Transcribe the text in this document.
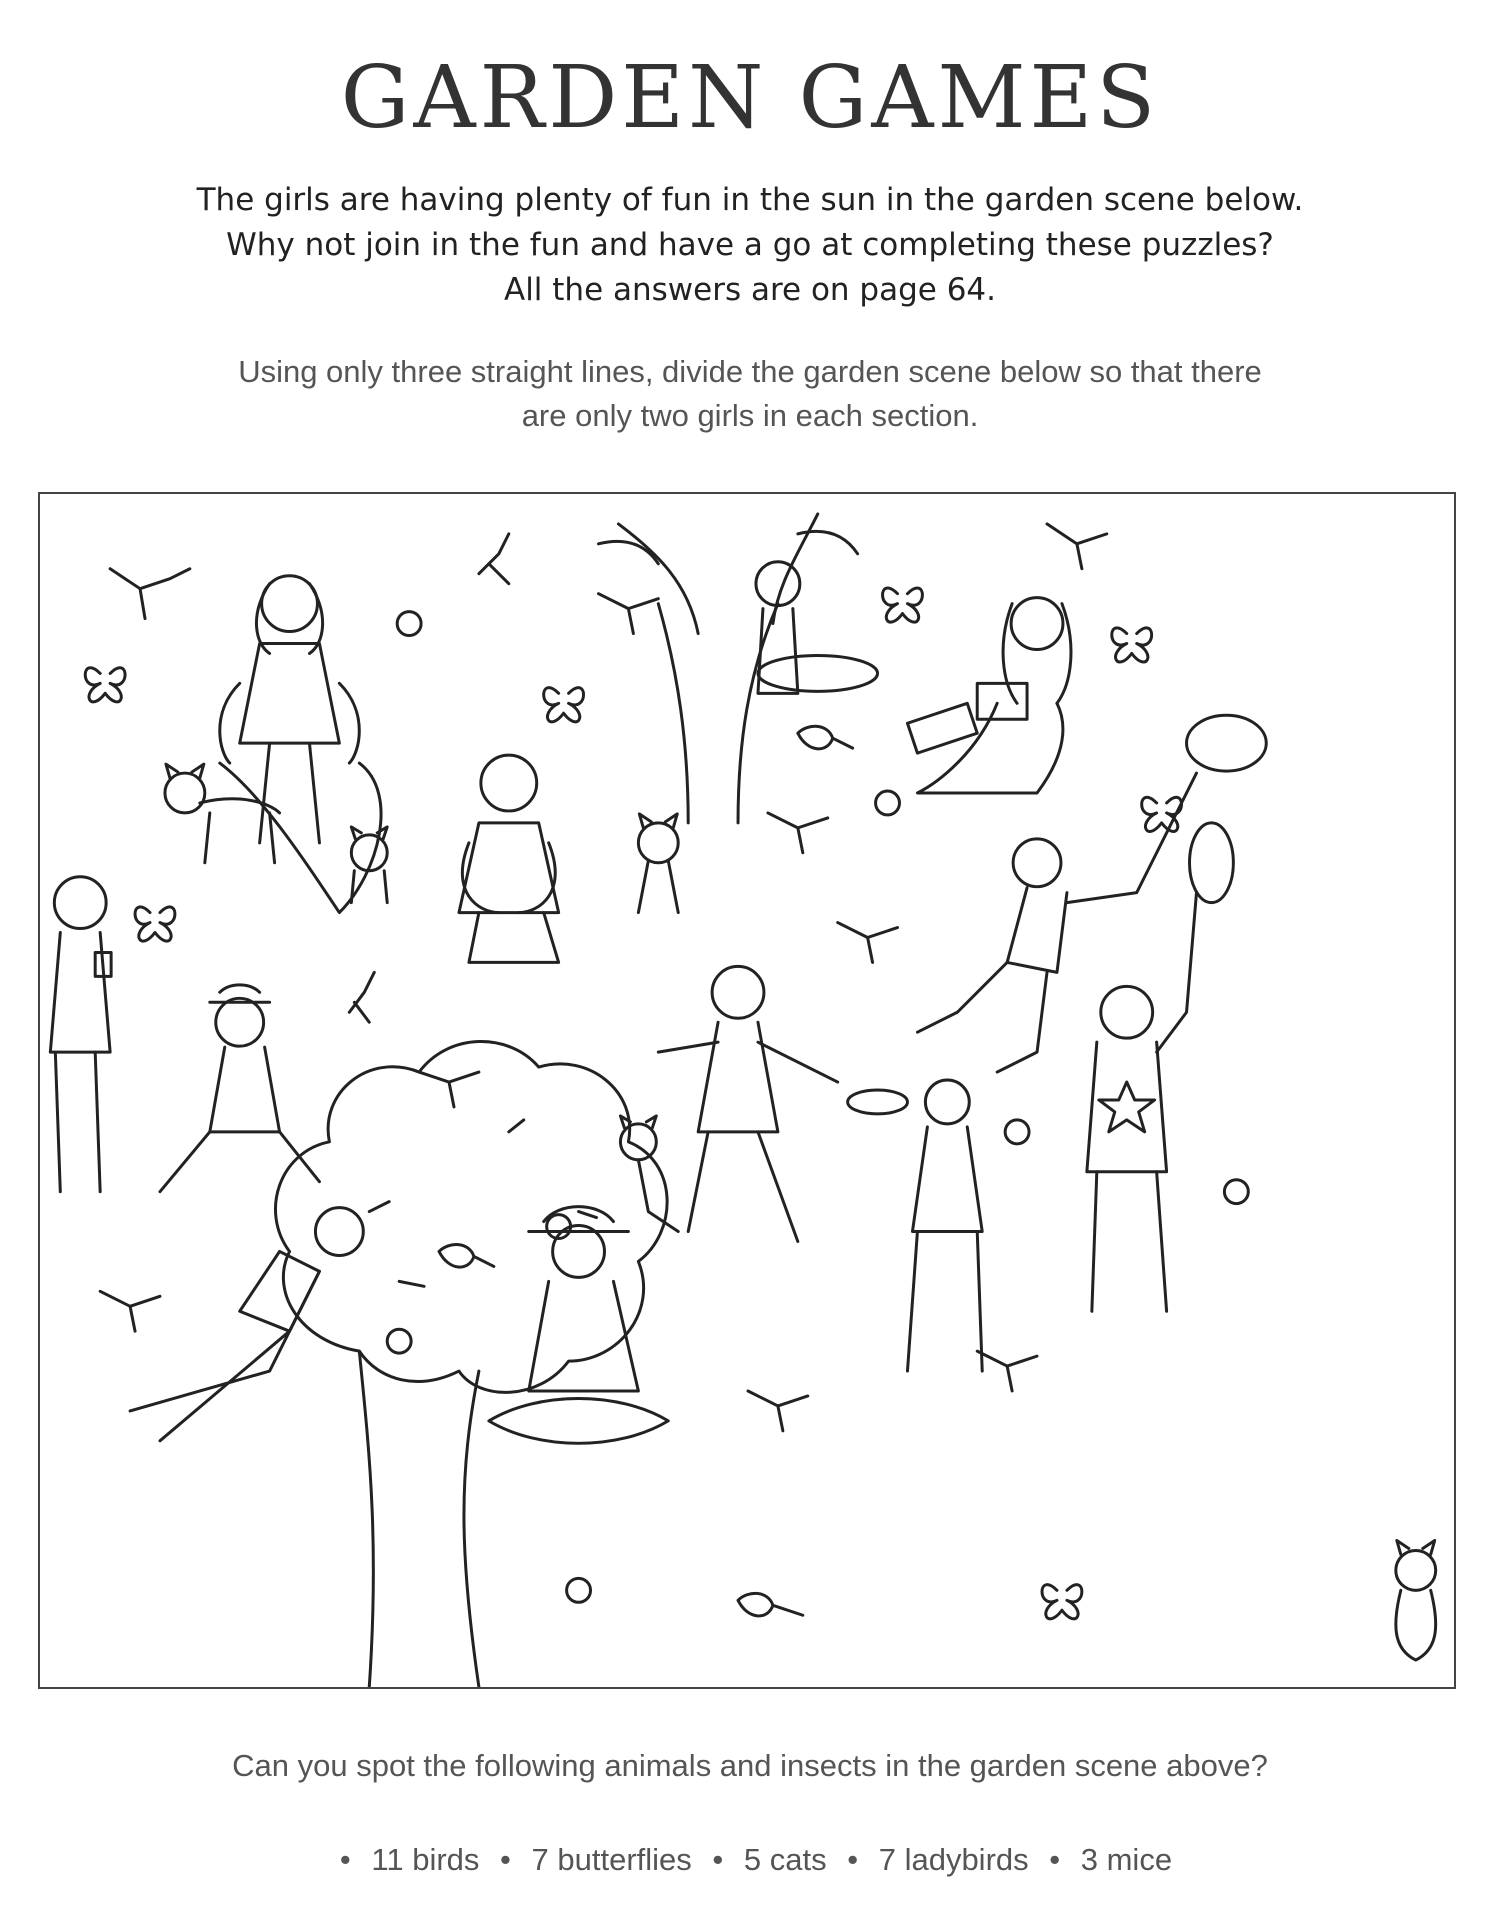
GARDEN GAMES
The girls are having plenty of fun in the sun in the garden scene below.
Why not join in the fun and have a go at completing these puzzles?
All the answers are on page 64.
Using only three straight lines, divide the garden scene below so that there
are only two girls in each section.
Can you spot the following animals and insects in the garden scene above?
• 11 birds • 7 butterflies • 5 cats • 7 ladybirds • 3 mice
